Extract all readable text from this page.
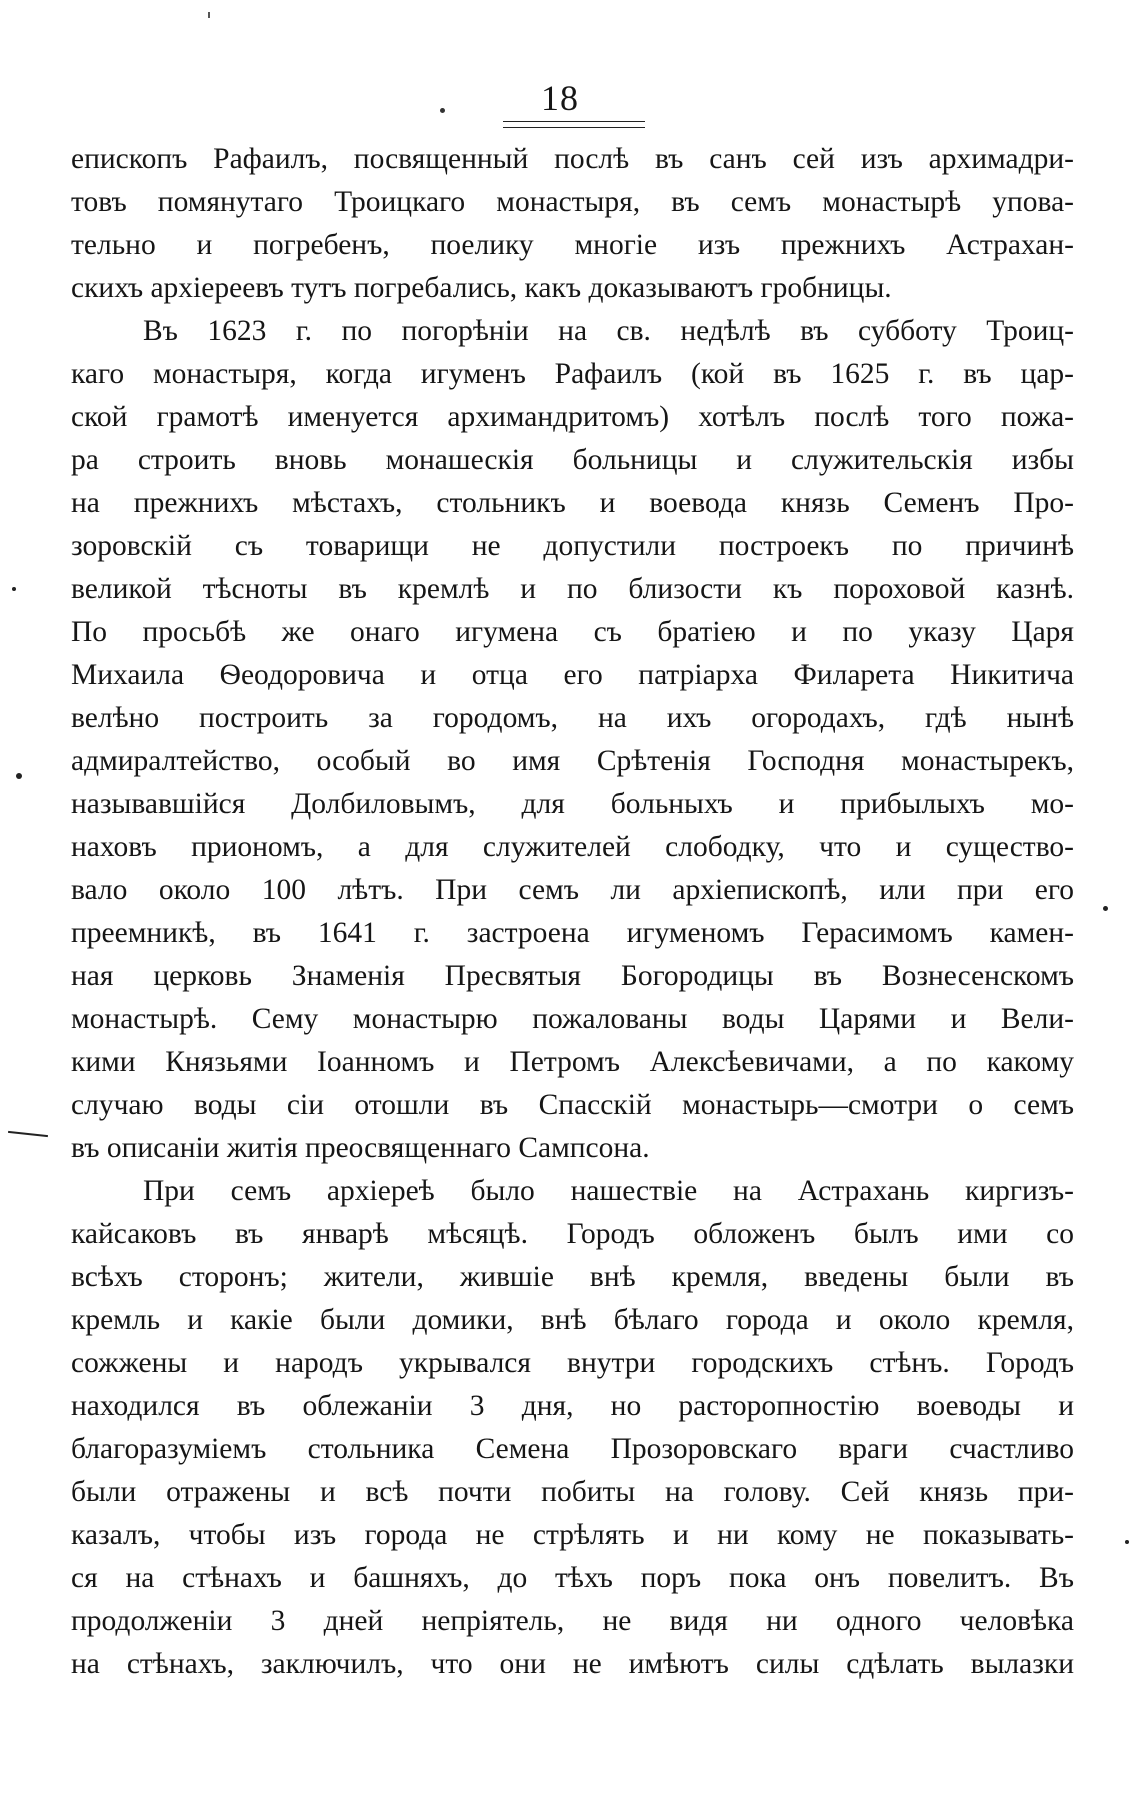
18
епископъ Рафаилъ, посвященный послѣ въ санъ сей изъ архимадри-
товъ помянутаго Троицкаго монастыря, въ семъ монастырѣ упова-
тельно и погребенъ, поелику многіе изъ прежнихъ Астрахан-
скихъ архіереевъ тутъ погребались, какъ доказываютъ гробницы.
Въ 1623 г. по погорѣніи на св. недѣлѣ въ субботу Троиц-
каго монастыря, когда игуменъ Рафаилъ (кой въ 1625 г. въ цар-
ской грамотѣ именуется архимандритомъ) хотѣлъ послѣ того пожа-
ра строить вновь монашескія больницы и служительскія избы
на прежнихъ мѣстахъ, стольникъ и воевода князь Семенъ Про-
зоровскій съ товарищи не допустили построекъ по причинѣ
великой тѣсноты въ кремлѣ и по близости къ пороховой казнѣ.
По просьбѣ же онаго игумена съ братіею и по указу Царя
Михаила Ѳеодоровича и отца его патріарха Филарета Никитича
велѣно построить за городомъ, на ихъ огородахъ, гдѣ нынѣ
адмиралтейство, особый во имя Срѣтенія Господня монастырекъ,
называвшійся Долбиловымъ, для больныхъ и прибылыхъ мо-
наховъ приономъ, а для служителей слободку, что и существо-
вало около 100 лѣтъ. При семъ ли архіепископѣ, или при его
преемникѣ, въ 1641 г. застроена игуменомъ Герасимомъ камен-
ная церковь Знаменія Пресвятыя Богородицы въ Вознесенскомъ
монастырѣ. Сему монастырю пожалованы воды Царями и Вели-
кими Князьями Іоанномъ и Петромъ Алексѣевичами, а по какому
случаю воды сіи отошли въ Спасскій монастырь—смотри о семъ
въ описаніи житія преосвященнаго Сампсона.
При семъ архіереѣ было нашествіе на Астрахань киргизъ-
кайсаковъ въ январѣ мѣсяцѣ. Городъ обложенъ былъ ими со
всѣхъ сторонъ; жители, жившіе внѣ кремля, введены были въ
кремль и какіе были домики, внѣ бѣлаго города и около кремля,
сожжены и народъ укрывался внутри городскихъ стѣнъ. Городъ
находился въ облежаніи 3 дня, но расторопностію воеводы и
благоразуміемъ стольника Семена Прозоровскаго враги счастливо
были отражены и всѣ почти побиты на голову. Сей князь при-
казалъ, чтобы изъ города не стрѣлять и ни кому не показывать-
ся на стѣнахъ и башняхъ, до тѣхъ поръ пока онъ повелитъ. Въ
продолженіи 3 дней непріятель, не видя ни одного человѣка
на стѣнахъ, заключилъ, что они не имѣютъ силы сдѣлать вылазки
